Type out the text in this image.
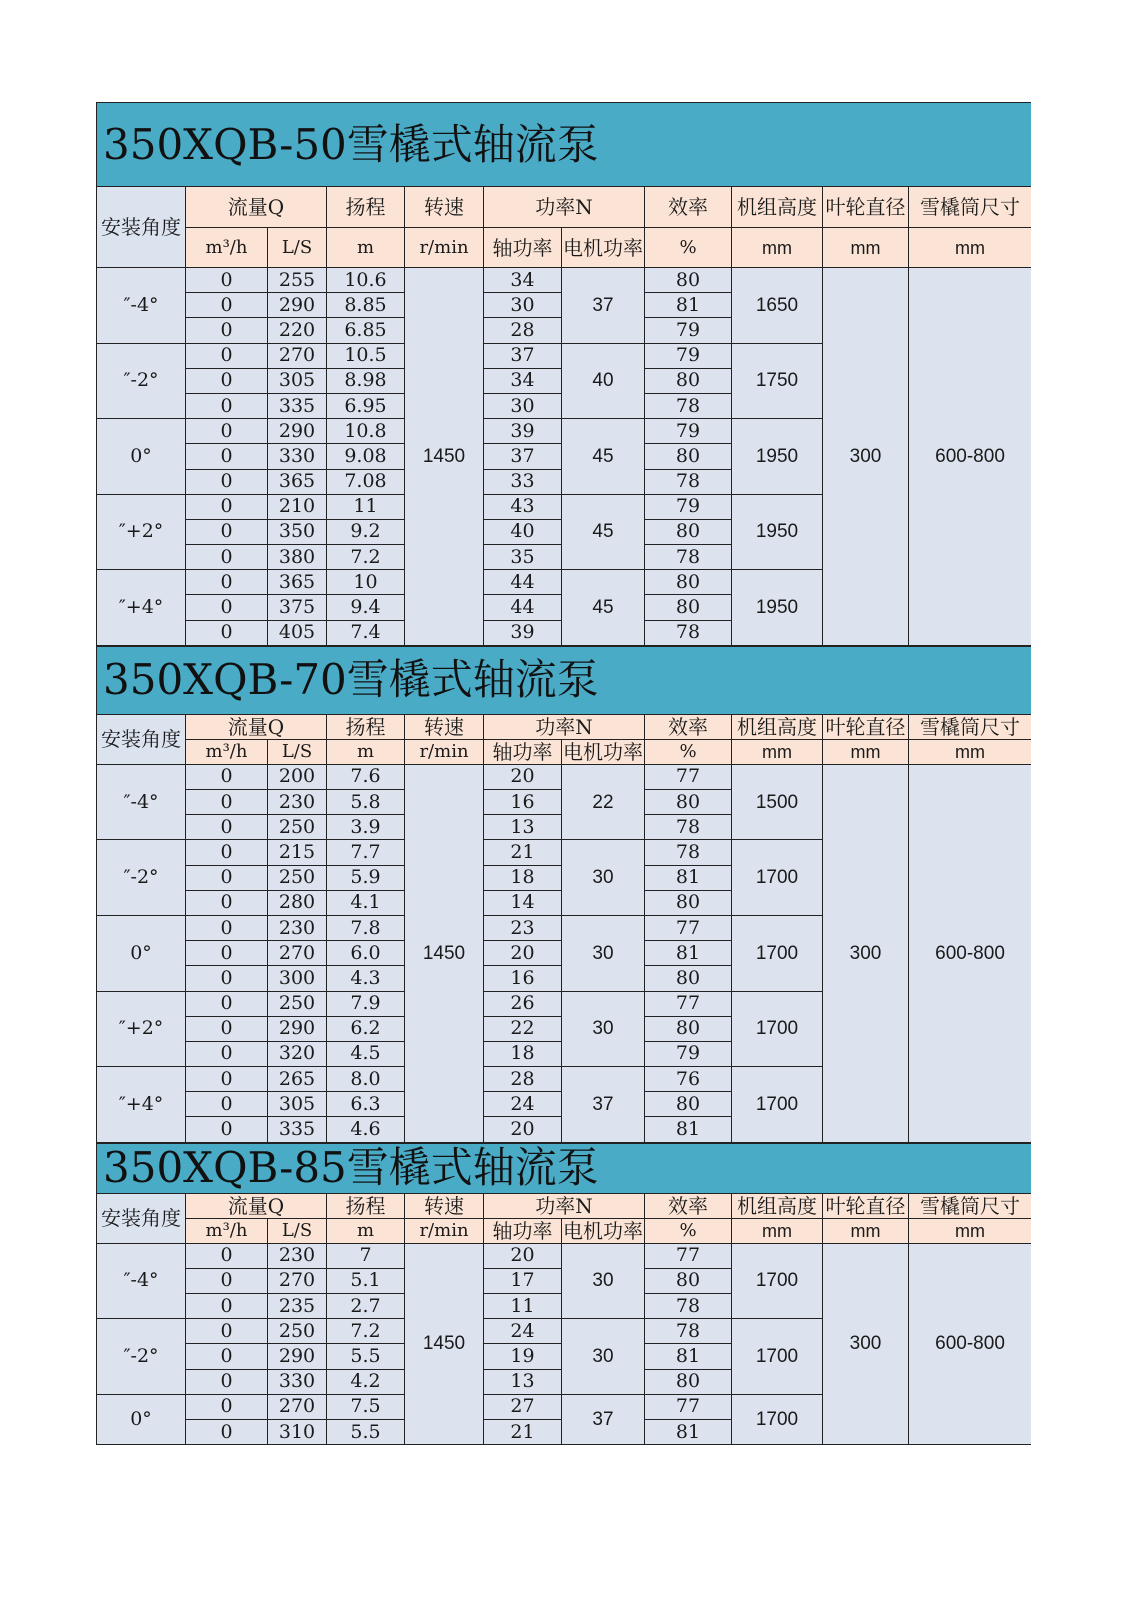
350XQB-50雪橇式轴流泵										
安装角度	流量Q		扬程	转速	功率N		效率	机组高度	叶轮直径	雪橇筒尺寸
	m³/h	L/S	m	r/min	轴功率	电机功率	%	mm	mm	mm
″-4°	0	255	10.6	1450	34	37	80	1650	300	600-800
	0	290	8.85		30		81			
	0	220	6.85		28		79			
″-2°	0	270	10.5		37	40	79	1750		
	0	305	8.98		34		80			
	0	335	6.95		30		78			
0°	0	290	10.8		39	45	79	1950		
	0	330	9.08		37		80			
	0	365	7.08		33		78			
″+2°	0	210	11		43	45	79	1950		
	0	350	9.2		40		80			
	0	380	7.2		35		78			
″+4°	0	365	10		44	45	80	1950		
	0	375	9.4		44		80			
	0	405	7.4		39		78			
350XQB-70雪橇式轴流泵										
安装角度	流量Q		扬程	转速	功率N		效率	机组高度	叶轮直径	雪橇筒尺寸
	m³/h	L/S	m	r/min	轴功率	电机功率	%	mm	mm	mm
″-4°	0	200	7.6	1450	20	22	77	1500	300	600-800
	0	230	5.8		16		80			
	0	250	3.9		13		78			
″-2°	0	215	7.7		21	30	78	1700		
	0	250	5.9		18		81			
	0	280	4.1		14		80			
0°	0	230	7.8		23	30	77	1700		
	0	270	6.0		20		81			
	0	300	4.3		16		80			
″+2°	0	250	7.9		26	30	77	1700		
	0	290	6.2		22		80			
	0	320	4.5		18		79			
″+4°	0	265	8.0		28	37	76	1700		
	0	305	6.3		24		80			
	0	335	4.6		20		81			
350XQB-85雪橇式轴流泵										
安装角度	流量Q		扬程	转速	功率N		效率	机组高度	叶轮直径	雪橇筒尺寸
	m³/h	L/S	m	r/min	轴功率	电机功率	%	mm	mm	mm
″-4°	0	230	7	1450	20	30	77	1700	300	600-800
	0	270	5.1		17		80			
	0	235	2.7		11		78			
″-2°	0	250	7.2		24	30	78	1700		
	0	290	5.5		19		81			
	0	330	4.2		13		80			
0°	0	270	7.5		27	37	77	1700		
	0	310	5.5		21		81			
